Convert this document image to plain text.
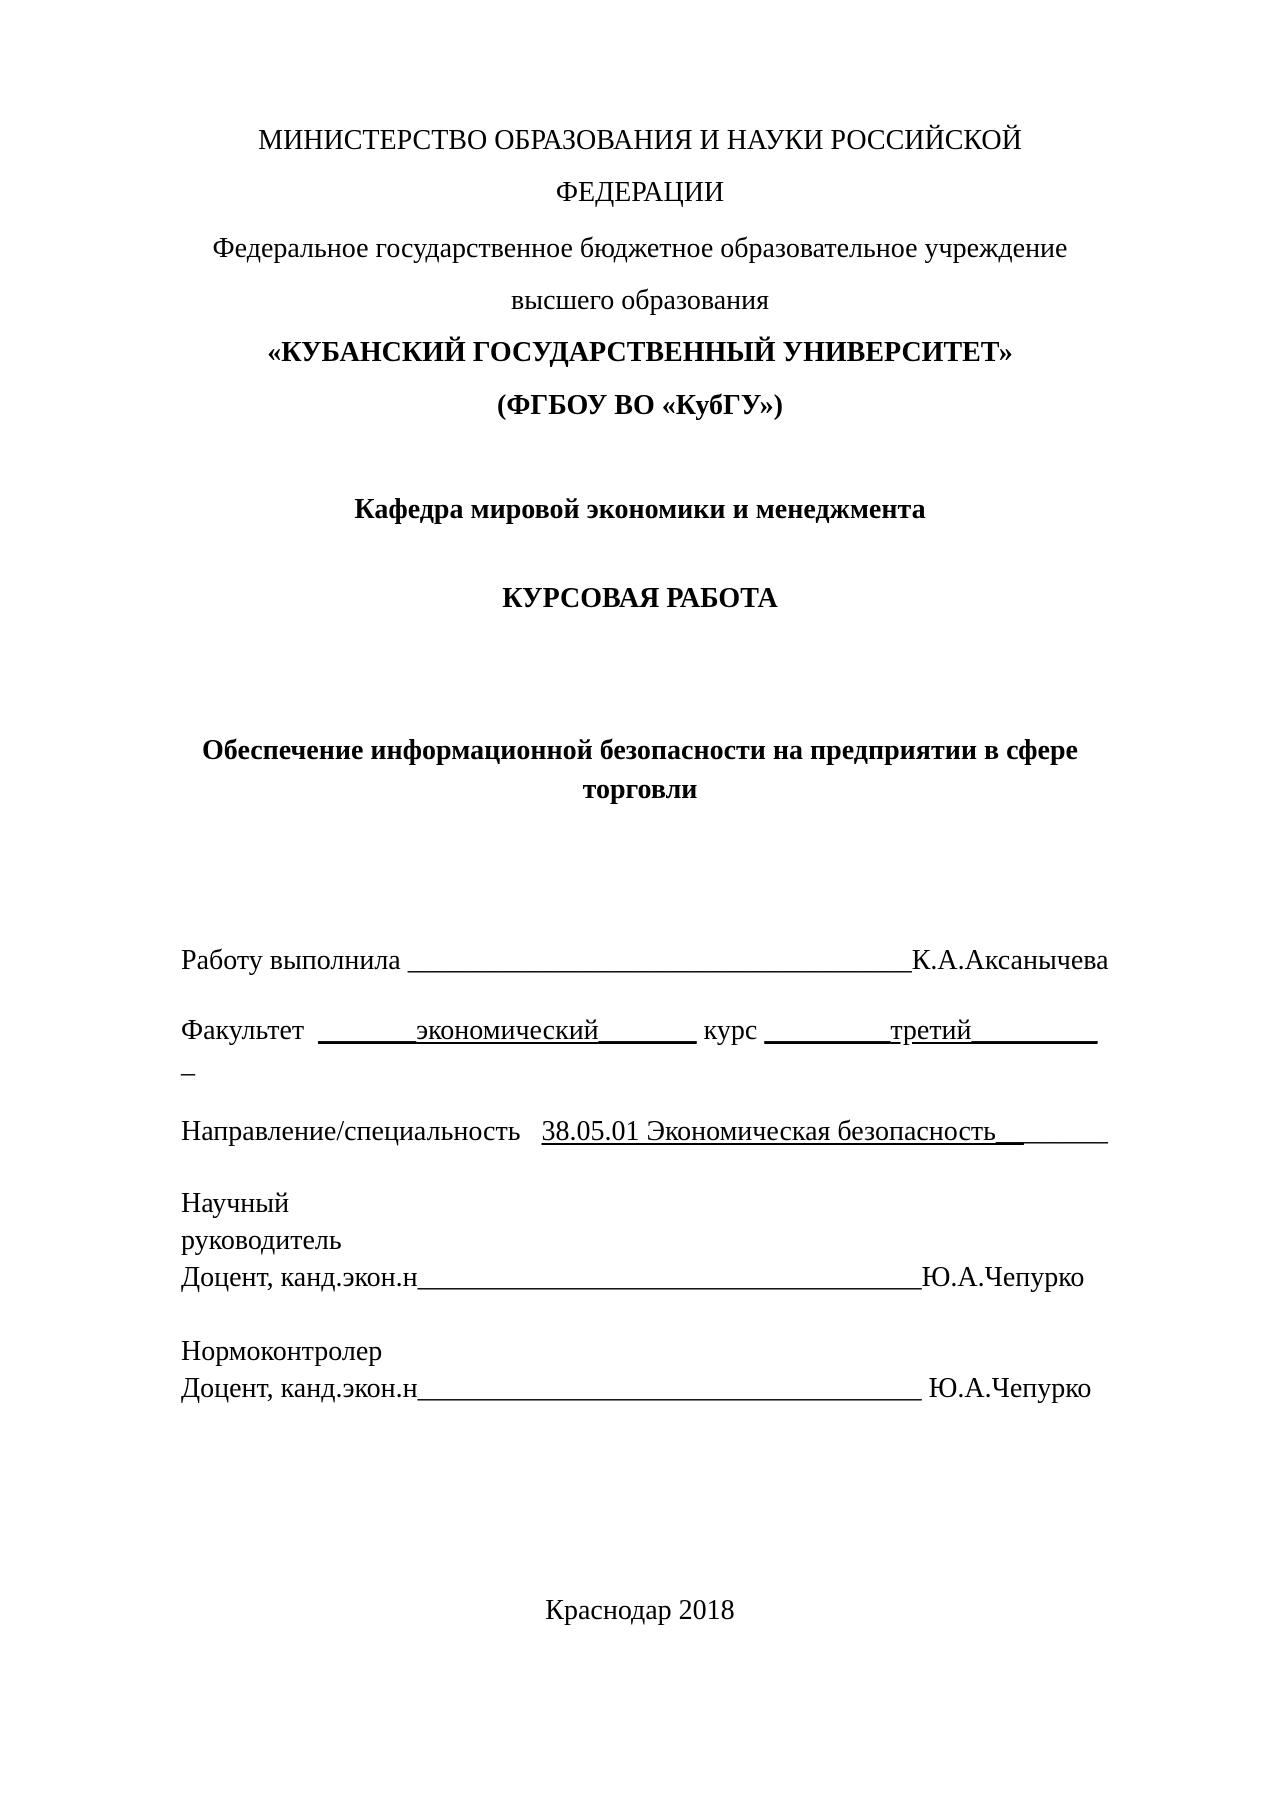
МИНИСТЕРСТВО ОБРАЗОВАНИЯ И НАУКИ РОССИЙСКОЙ
ФЕДЕРАЦИИ
Федеральное государственное бюджетное образовательное учреждение
высшего образования
«КУБАНСКИЙ ГОСУДАРСТВЕННЫЙ УНИВЕРСИТЕТ»
(ФГБОУ ВО «КубГУ»)
Кафедра мировой экономики и менеджмента
КУРСОВАЯ РАБОТА
Обеспечение информационной безопасности на предприятии в сфере
торговли
Работу выполнила ____________________________________К.А.Аксанычева
Факультет  _______экономический_______ курс _________третий_________
_
Направление/специальность   38.05.01 Экономическая безопасность________
Научный
руководитель
Доцент, канд.экон.н____________________________________Ю.А.Чепурко
Нормоконтролер
Доцент, канд.экон.н____________________________________ Ю.А.Чепурко
Краснодар 2018
